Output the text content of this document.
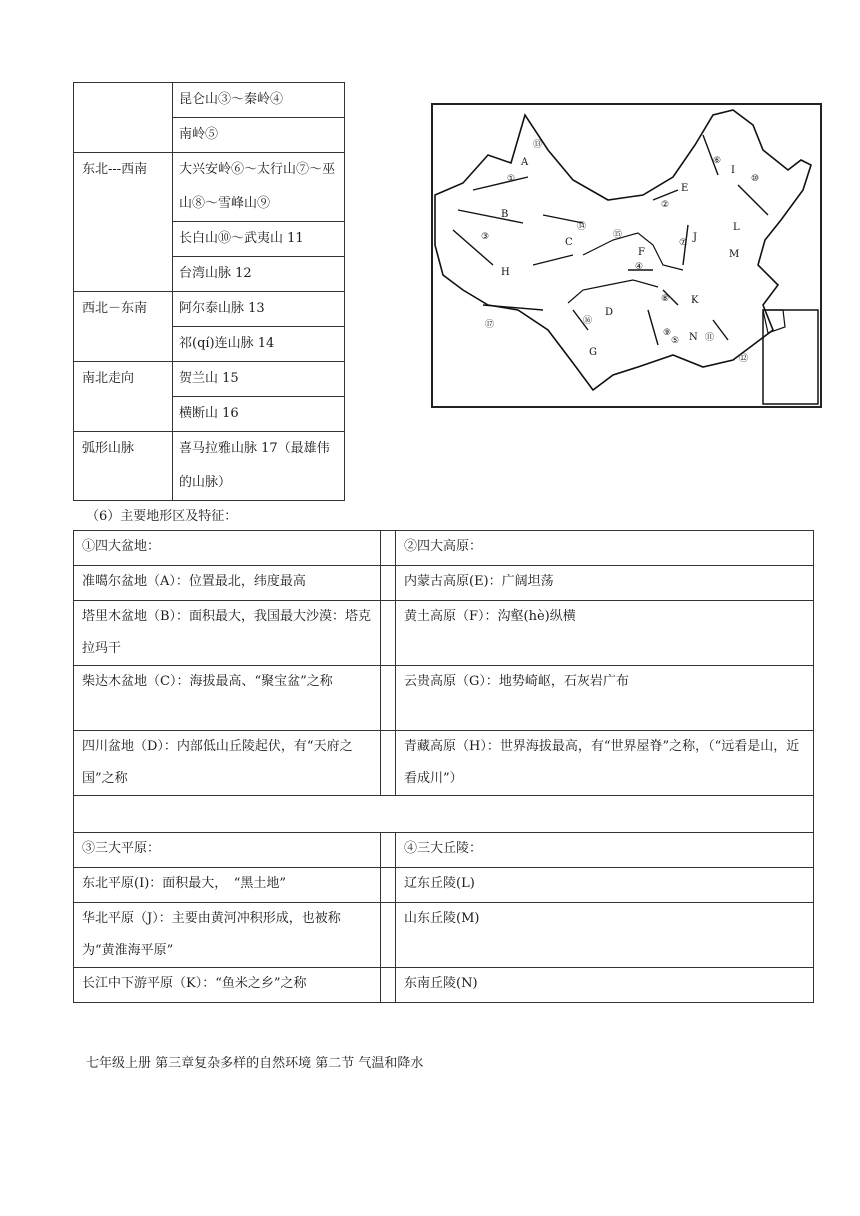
	昆仑山③～秦岭④
	南岭⑤
东北---西南	大兴安岭⑥～太行山⑦～巫山⑧～雪峰山⑨
	长白山⑩～武夷山 11
	台湾山脉 12
西北－东南	阿尔泰山脉 13
	祁(qí)连山脉 14
南北走向	贺兰山 15
	横断山 16
弧形山脉	喜马拉雅山脉 17（最雄伟的山脉）
A
B
C
D
E
F
G
H
I
J
K
L
M
N
①
②
③
④
⑤
⑥
⑦
⑧
⑨
⑩
⑪
⑫
⑬
⑭
⑮
⑯
⑰
（6）主要地形区及特征：
①四大盆地：		②四大高原：
准噶尔盆地（A）：位置最北，纬度最高		内蒙古高原(E)：广阔坦荡
塔里木盆地（B）：面积最大，我国最大沙漠：塔克拉玛干		黄土高原（F）：沟壑(hè)纵横
柴达木盆地（C）：海拔最高、“聚宝盆”之称		云贵高原（G）：地势崎岖，石灰岩广布
四川盆地（D）：内部低山丘陵起伏，有“天府之国”之称		青藏高原（H）：世界海拔最高，有“世界屋脊”之称，（“远看是山，近看成川”）

③三大平原：		④三大丘陵：
东北平原(I)：面积最大，　“黑土地”		辽东丘陵(L)
华北平原（J）：主要由黄河冲积形成，也被称为“黄淮海平原”		山东丘陵(M)
长江中下游平原（K）：“鱼米之乡”之称		东南丘陵(N)
七年级上册 第三章复杂多样的自然环境 第二节 气温和降水
